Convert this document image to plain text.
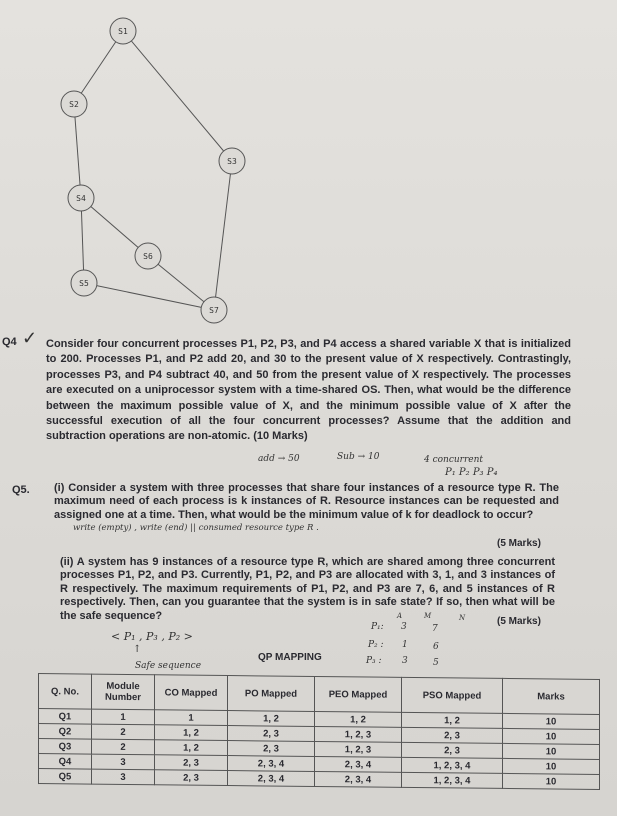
S1
S2
S3
S4
S5
S6
S7
Q4 ✓ Consider four concurrent processes P1, P2, P3, and P4 access a shared variable X that is initialized to 200. Processes P1, and P2 add 20, and 30 to the present value of X respectively. Contrastingly, processes P3, and P4 subtract 40, and 50 from the present value of X respectively. The processes are executed on a uniprocessor system with a time-shared OS. Then, what would be the difference between the maximum possible value of X, and the minimum possible value of X after the successful execution of all the four concurrent processes? Assume that the addition and subtraction operations are non-atomic. (10 Marks)
add → 50	Sub → 10	4 concurrent
P₁ P₂ P₃ P₄
Q5. (i) Consider a system with three processes that share four instances of a resource type R. The maximum need of each process is k instances of R. Resource instances can be requested and assigned one at a time. Then, what would be the minimum value of k for deadlock to occur?
write (empty) , write (end) || consumed resource type R .
(5 Marks)
(ii) A system has 9 instances of a resource type R, which are shared among three concurrent processes P1, P2, and P3. Currently, P1, P2, and P3 are allocated with 3, 1, and 3 instances of R respectively. The maximum requirements of P1, P2, and P3 are 7, 6, and 5 instances of R respectively. Then, can you guarantee that the system is in safe state? If so, then what will be the safe sequence?	(5 Marks)
< P₁ , P₃ , P₂ >
↑
Safe sequence
A	M	N
P₁: 3	7
P₂ : 1	6
P₃ : 3	5
QP MAPPING
Q. No.	Module Number	CO Mapped	PO Mapped	PEO Mapped	PSO Mapped	Marks
Q1	1	1	1, 2	1, 2	1, 2	10
Q2	2	1, 2	2, 3	1, 2, 3	2, 3	10
Q3	2	1, 2	2, 3	1, 2, 3	2, 3	10
Q4	3	2, 3	2, 3, 4	2, 3, 4	1, 2, 3, 4	10
Q5	3	2, 3	2, 3, 4	2, 3, 4	1, 2, 3, 4	10
